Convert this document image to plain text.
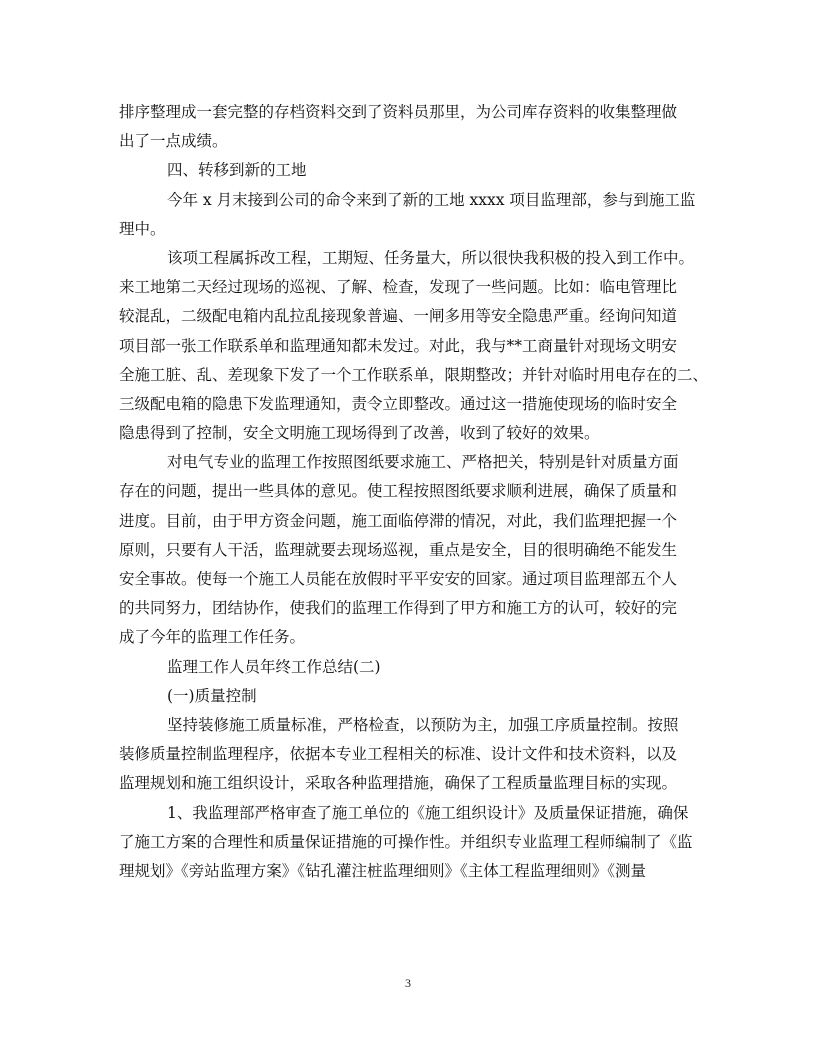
排序整理成一套完整的存档资料交到了资料员那里，为公司库存资料的收集整理做
出了一点成绩。
四、转移到新的工地
今年 x 月末接到公司的命令来到了新的工地 xxxx 项目监理部，参与到施工监
理中。
该项工程属拆改工程，工期短、任务量大，所以很快我积极的投入到工作中。
来工地第二天经过现场的巡视、了解、检查，发现了一些问题。比如：临电管理比
较混乱，二级配电箱内乱拉乱接现象普遍、一闸多用等安全隐患严重。经询问知道
项目部一张工作联系单和监理通知都未发过。对此，我与**工商量针对现场文明安
全施工脏、乱、差现象下发了一个工作联系单，限期整改；并针对临时用电存在的二、
三级配电箱的隐患下发监理通知，责令立即整改。通过这一措施使现场的临时安全
隐患得到了控制，安全文明施工现场得到了改善，收到了较好的效果。
对电气专业的监理工作按照图纸要求施工、严格把关，特别是针对质量方面
存在的问题，提出一些具体的意见。使工程按照图纸要求顺利进展，确保了质量和
进度。目前，由于甲方资金问题，施工面临停滞的情况，对此，我们监理把握一个
原则，只要有人干活，监理就要去现场巡视，重点是安全，目的很明确绝不能发生
安全事故。使每一个施工人员能在放假时平平安安的回家。通过项目监理部五个人
的共同努力，团结协作，使我们的监理工作得到了甲方和施工方的认可，较好的完
成了今年的监理工作任务。
监理工作人员年终工作总结(二)
(一)质量控制
坚持装修施工质量标准，严格检查，以预防为主，加强工序质量控制。按照
装修质量控制监理程序，依据本专业工程相关的标准、设计文件和技术资料，以及
监理规划和施工组织设计，采取各种监理措施，确保了工程质量监理目标的实现。
1、我监理部严格审查了施工单位的《施工组织设计》及质量保证措施，确保
了施工方案的合理性和质量保证措施的可操作性。并组织专业监理工程师编制了《监
理规划》《旁站监理方案》《钻孔灌注桩监理细则》《主体工程监理细则》《测量
3
